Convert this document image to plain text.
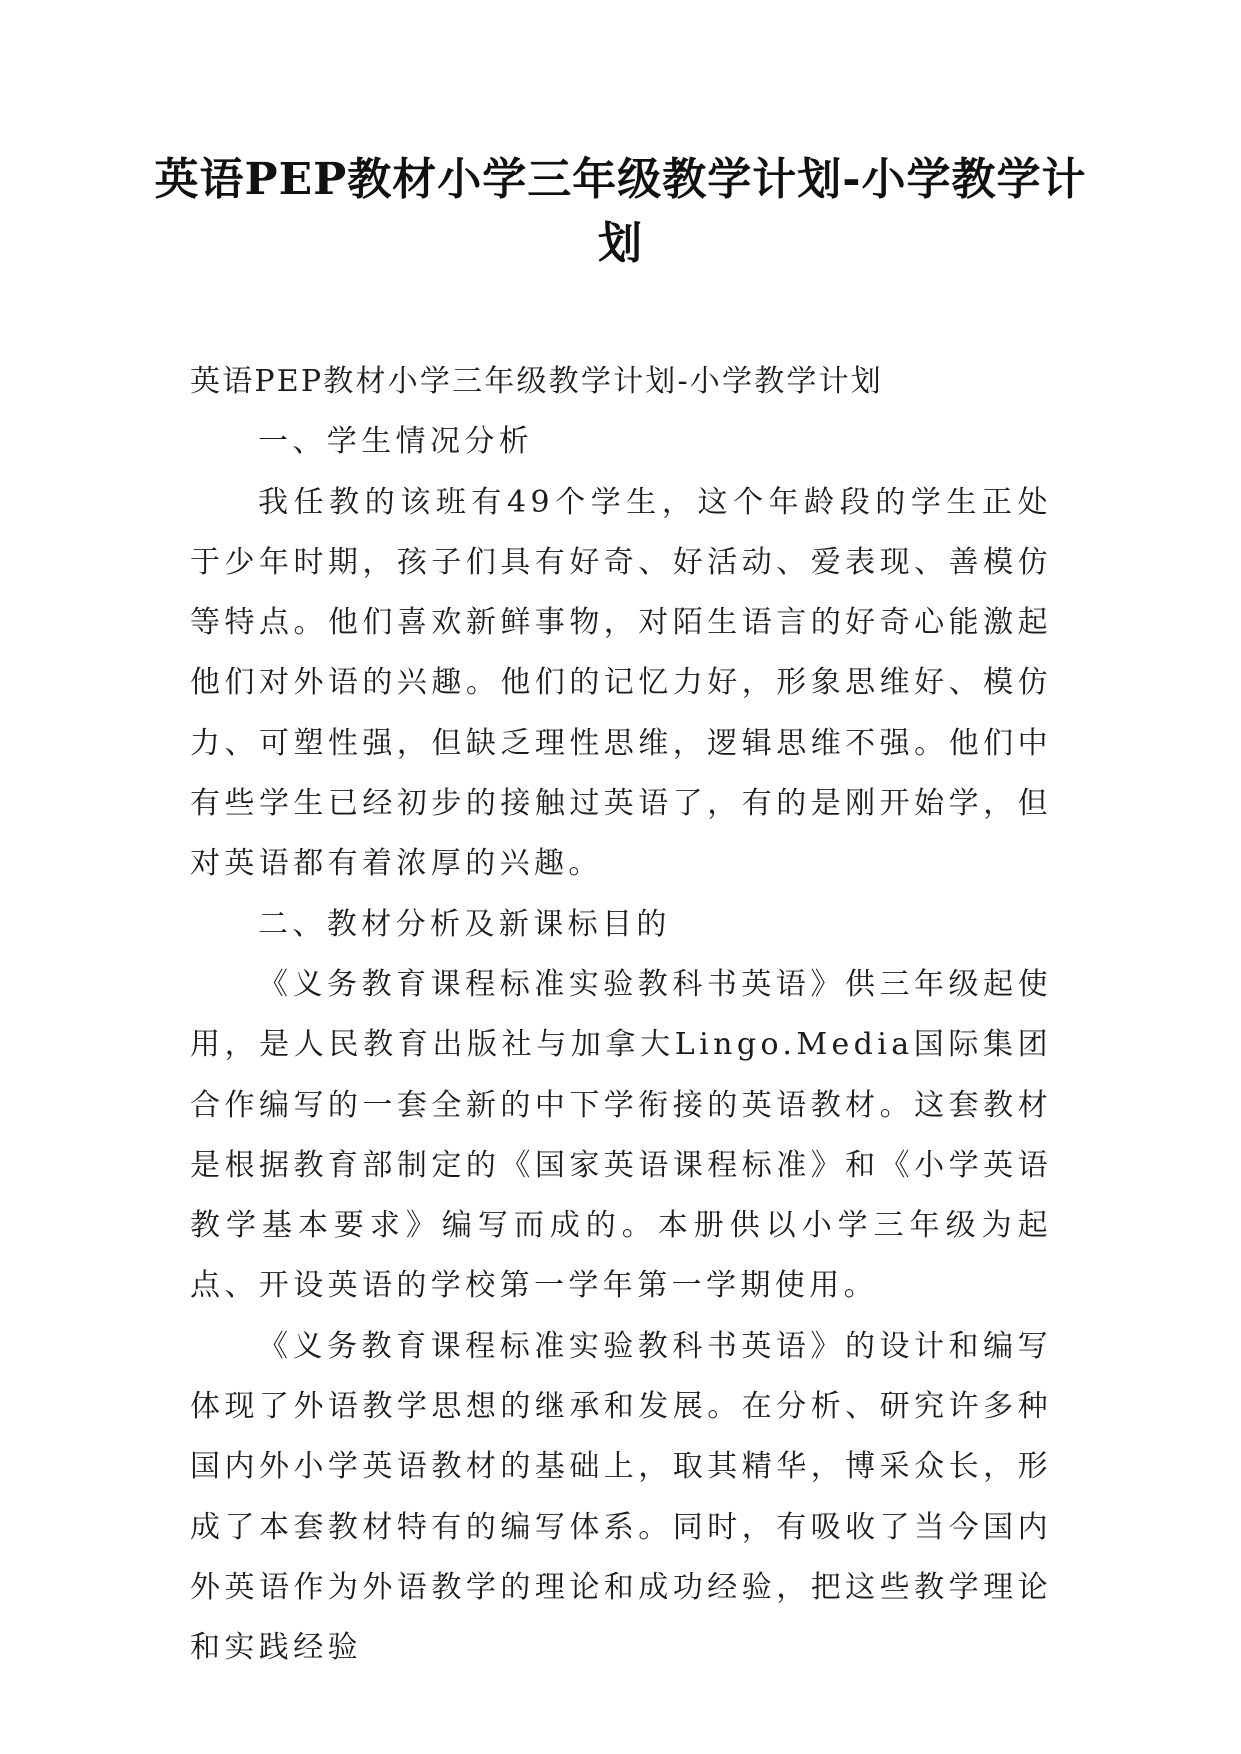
英语PEP教材小学三年级教学计划-小学教学计划

英语PEP教材小学三年级教学计划-小学教学计划

一、学生情况分析

我任教的该班有49个学生，这个年龄段的学生正处于少年时期，孩子们具有好奇、好活动、爱表现、善模仿等特点。他们喜欢新鲜事物，对陌生语言的好奇心能激起他们对外语的兴趣。他们的记忆力好，形象思维好、模仿力、可塑性强，但缺乏理性思维，逻辑思维不强。他们中有些学生已经初步的接触过英语了，有的是刚开始学，但对英语都有着浓厚的兴趣。

二、教材分析及新课标目的

《义务教育课程标准实验教科书英语》供三年级起使用，是人民教育出版社与加拿大Lingo.Media国际集团合作编写的一套全新的中下学衔接的英语教材。这套教材是根据教育部制定的《国家英语课程标准》和《小学英语教学基本要求》编写而成的。本册供以小学三年级为起点、开设英语的学校第一学年第一学期使用。

《义务教育课程标准实验教科书英语》的设计和编写体现了外语教学思想的继承和发展。在分析、研究许多种国内外小学英语教材的基础上，取其精华，博采众长，形成了本套教材特有的编写体系。同时，有吸收了当今国内外英语作为外语教学的理论和成功经验，把这些教学理论和实践经验
